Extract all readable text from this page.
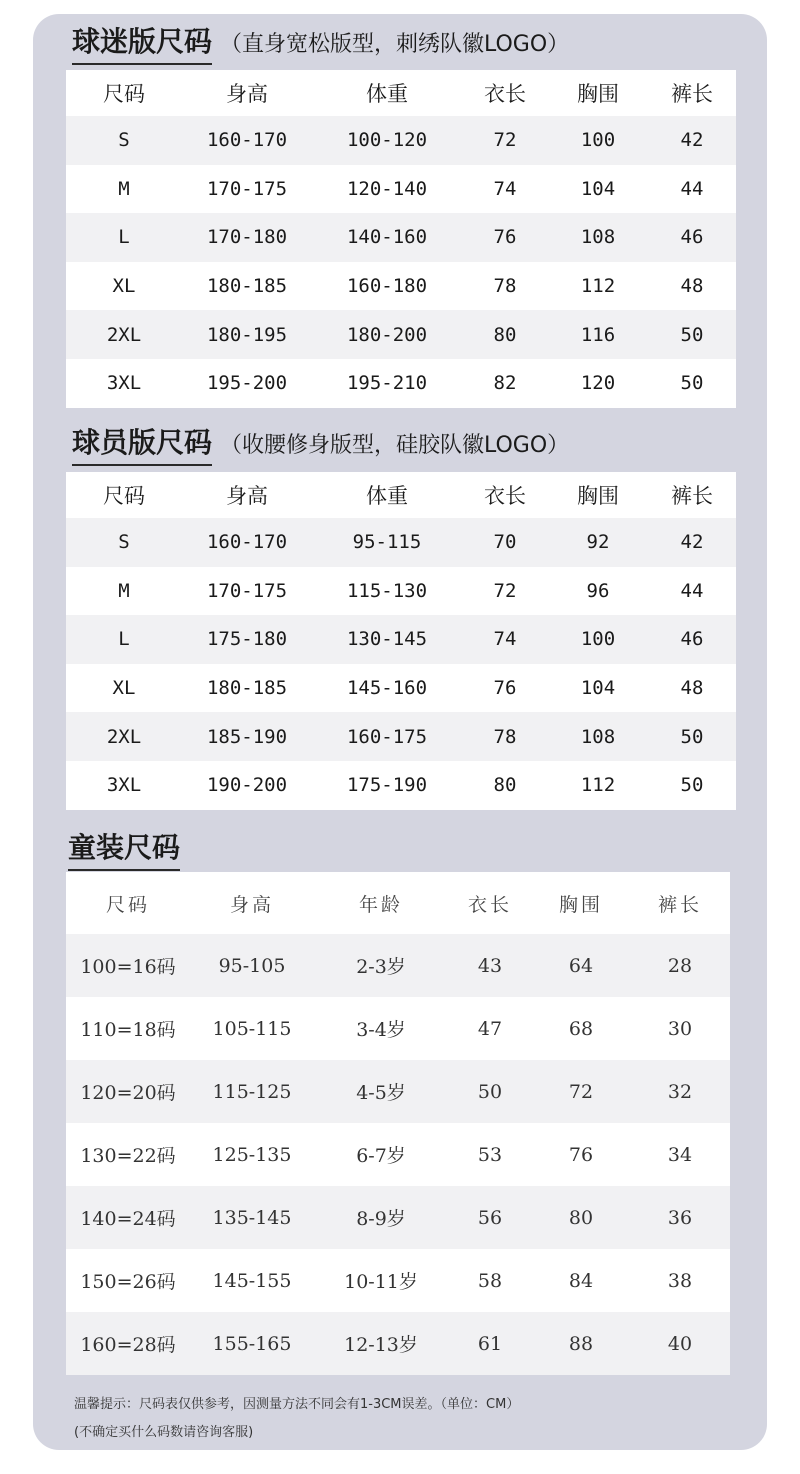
球迷版尺码 （直身宽松版型，刺绣队徽LOGO）
尺码	身高	体重	衣长	胸围	裤长
S	160-170	100-120	72	100	42
M	170-175	120-140	74	104	44
L	170-180	140-160	76	108	46
XL	180-185	160-180	78	112	48
2XL	180-195	180-200	80	116	50
3XL	195-200	195-210	82	120	50
球员版尺码 （收腰修身版型，硅胶队徽LOGO）
尺码	身高	体重	衣长	胸围	裤长
S	160-170	95-115	70	92	42
M	170-175	115-130	72	96	44
L	175-180	130-145	74	100	46
XL	180-185	145-160	76	104	48
2XL	185-190	160-175	78	108	50
3XL	190-200	175-190	80	112	50
童装尺码
尺码	身高	年龄	衣长	胸围	裤长
100=16码	95-105	2-3岁	43	64	28
110=18码	105-115	3-4岁	47	68	30
120=20码	115-125	4-5岁	50	72	32
130=22码	125-135	6-7岁	53	76	34
140=24码	135-145	8-9岁	56	80	36
150=26码	145-155	10-11岁	58	84	38
160=28码	155-165	12-13岁	61	88	40
温馨提示：尺码表仅供参考，因测量方法不同会有1-3CM误差。（单位：CM）
(不确定买什么码数请咨询客服)
